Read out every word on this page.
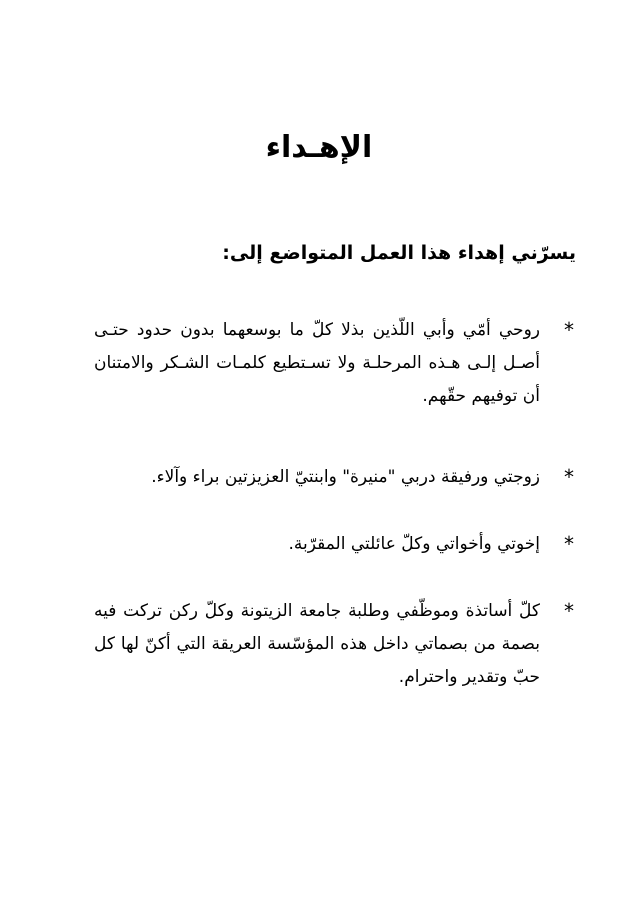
الإهـداء
يسرّني إهداء هذا العمل المتواضع إلى:
*
روحي أمّي وأبي اللّذين بذلا كلّ ما بوسعهما بدون حدود حتـى أصـل إلـى هـذه المرحلـة ولا تسـتطيع كلمـات الشـكر والامتنان أن توفيهم حقّهم.
*
زوجتي ورفيقة دربي "منيرة" وابنتيّ العزيزتين براء وآلاء.
*
إخوتي وأخواتي وكلّ عائلتي المقرّبة.
*
كلّ أساتذة وموظّفي وطلبة جامعة الزيتونة وكلّ ركن تركت فيه بصمة من بصماتي داخل هذه المؤسّسة العريقة التي أكنّ لها كل حبّ وتقدير واحترام.
